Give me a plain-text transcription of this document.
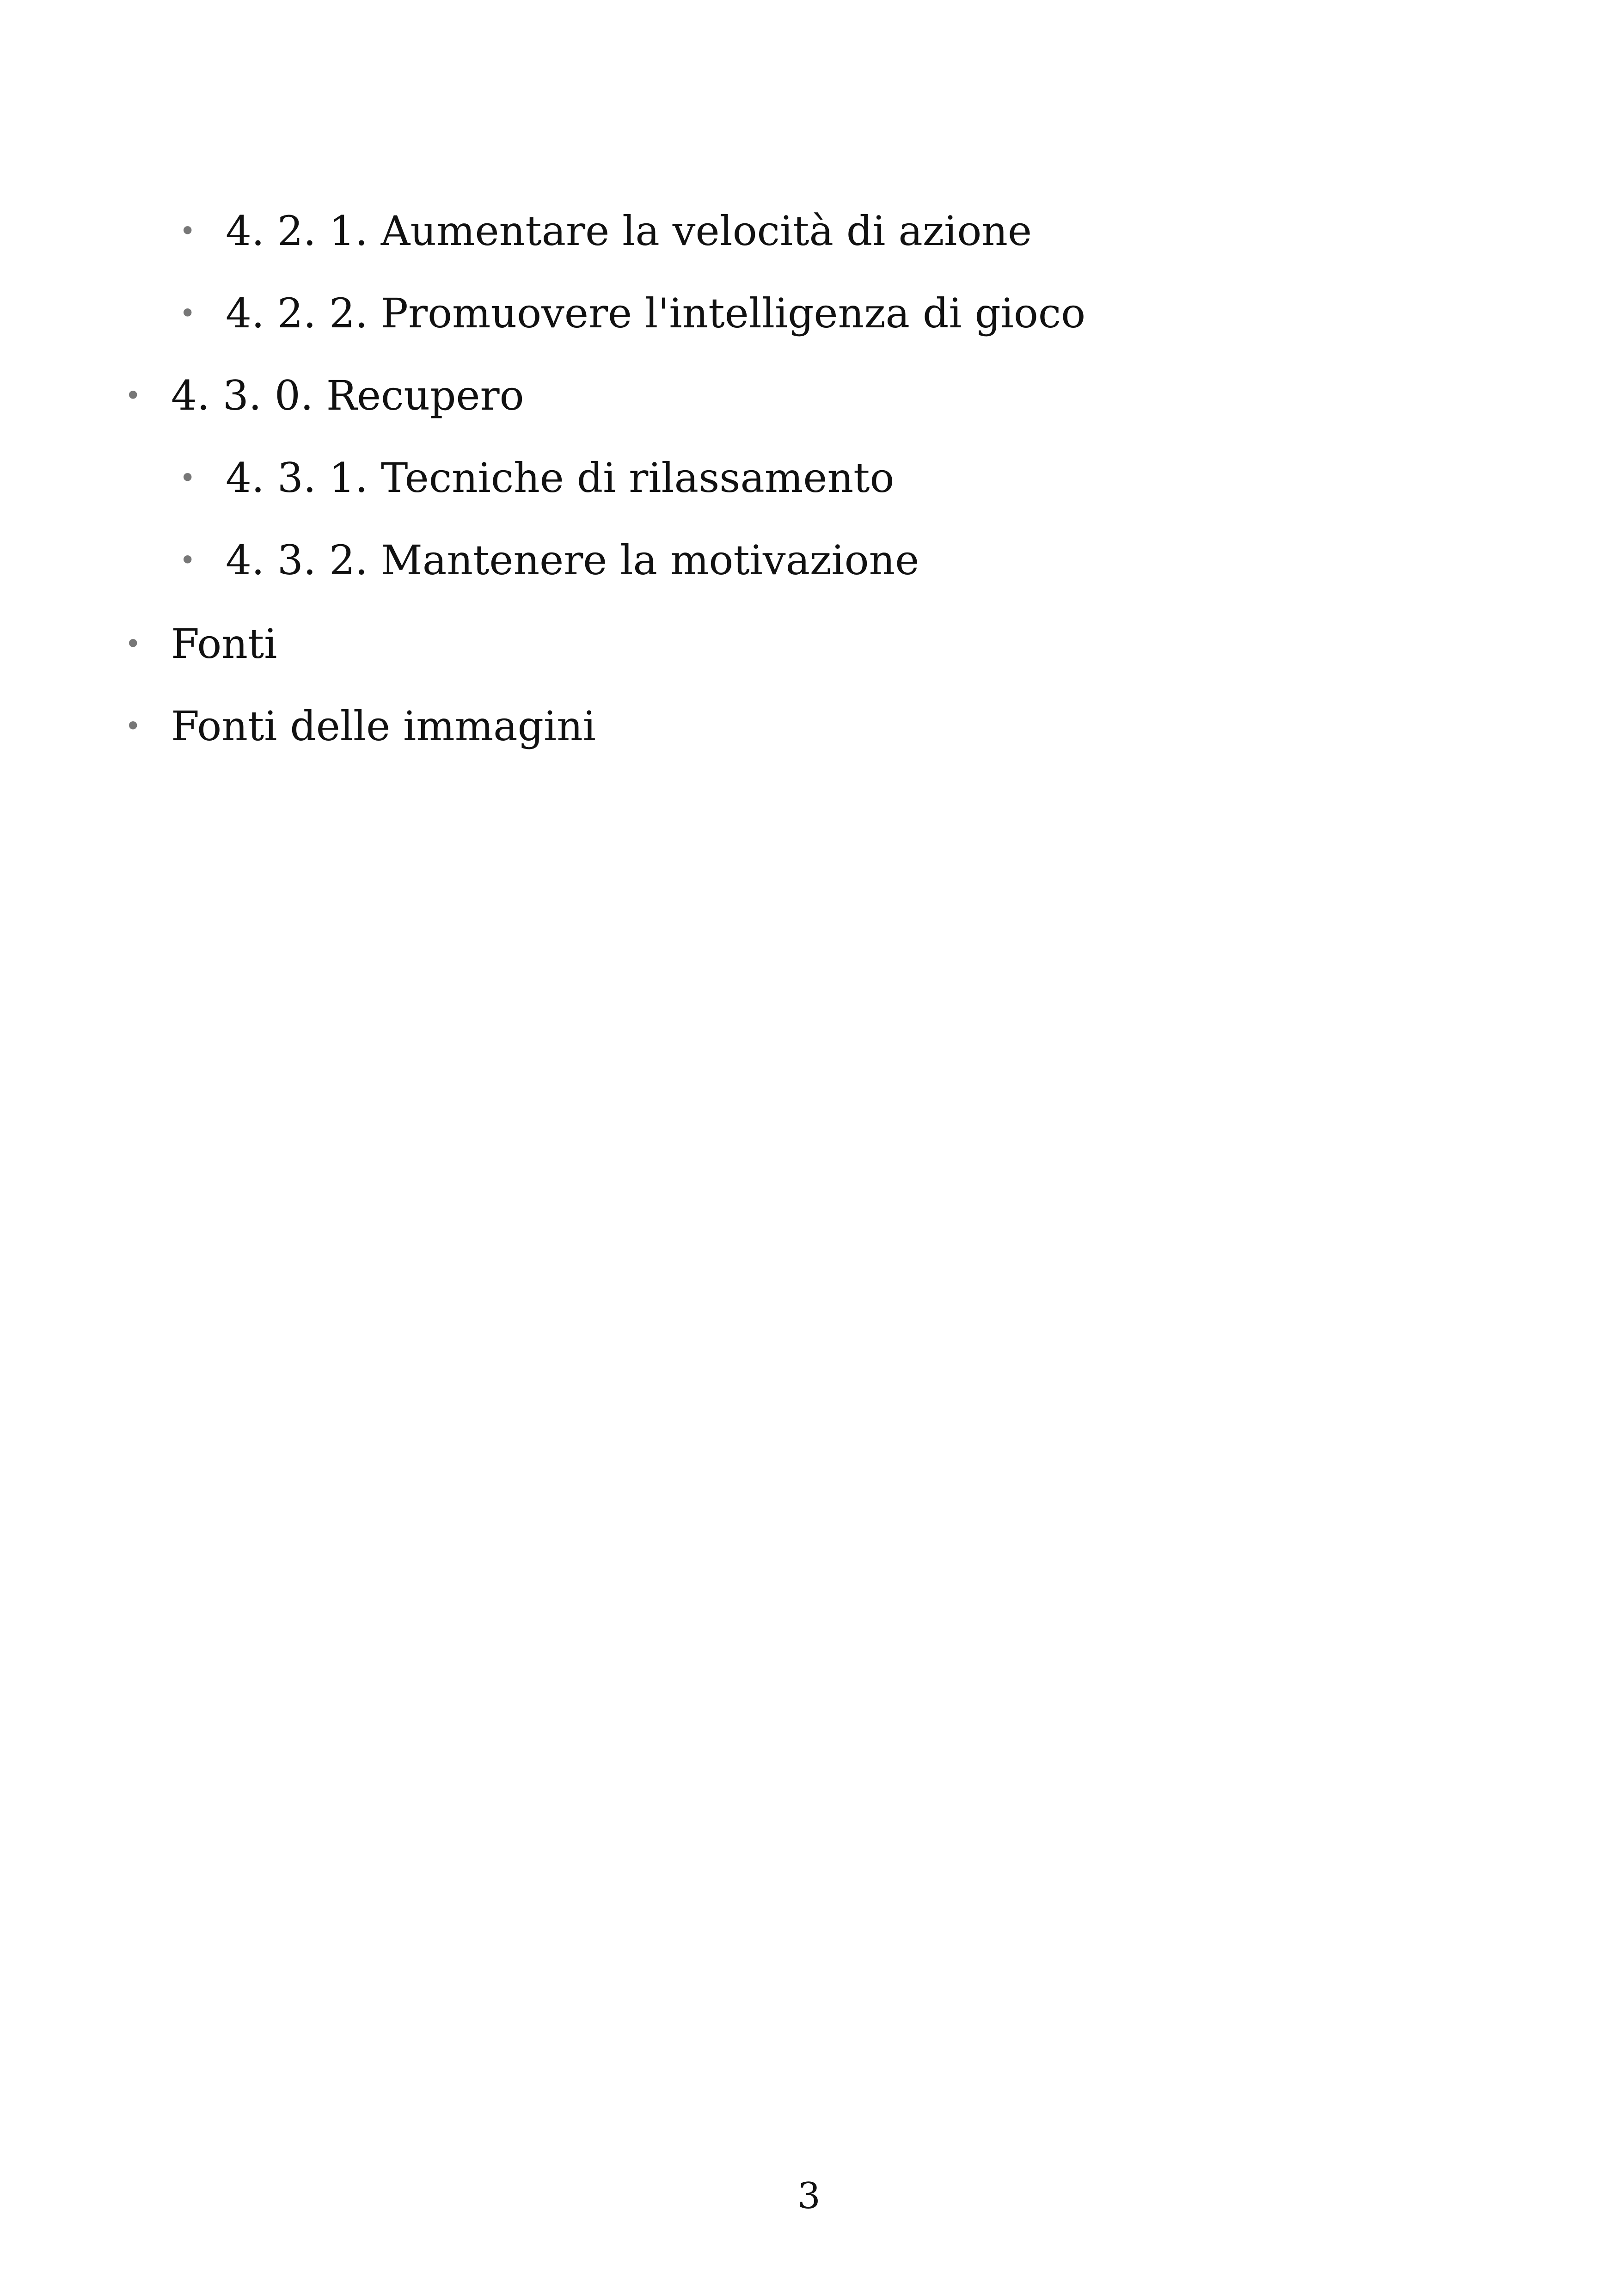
•4. 2. 1. Aumentare la velocità di azione
•4. 2. 2. Promuovere l'intelligenza di gioco
•4. 3. 0. Recupero
•4. 3. 1. Tecniche di rilassamento
•4. 3. 2. Mantenere la motivazione
•Fonti
•Fonti delle immagini
3
